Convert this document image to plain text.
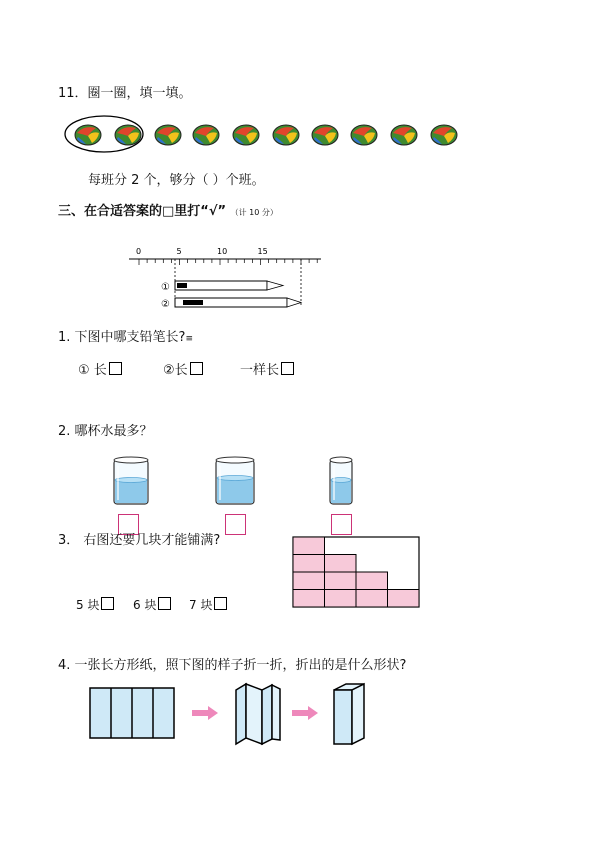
11．圈一圈，填一填。
每班分 2 个，够分（ ）个班。
三、在合适答案的□里打“√” （计 10 分）
0	5	10	15
①
②
1. 下图中哪支铅笔长?≡
① 长	②长	一样长
2. 哪杯水最多？
3． 右图还要几块才能铺满?
5 块	6 块	7 块
4. 一张长方形纸，照下图的样子折一折，折出的是什么形状?
